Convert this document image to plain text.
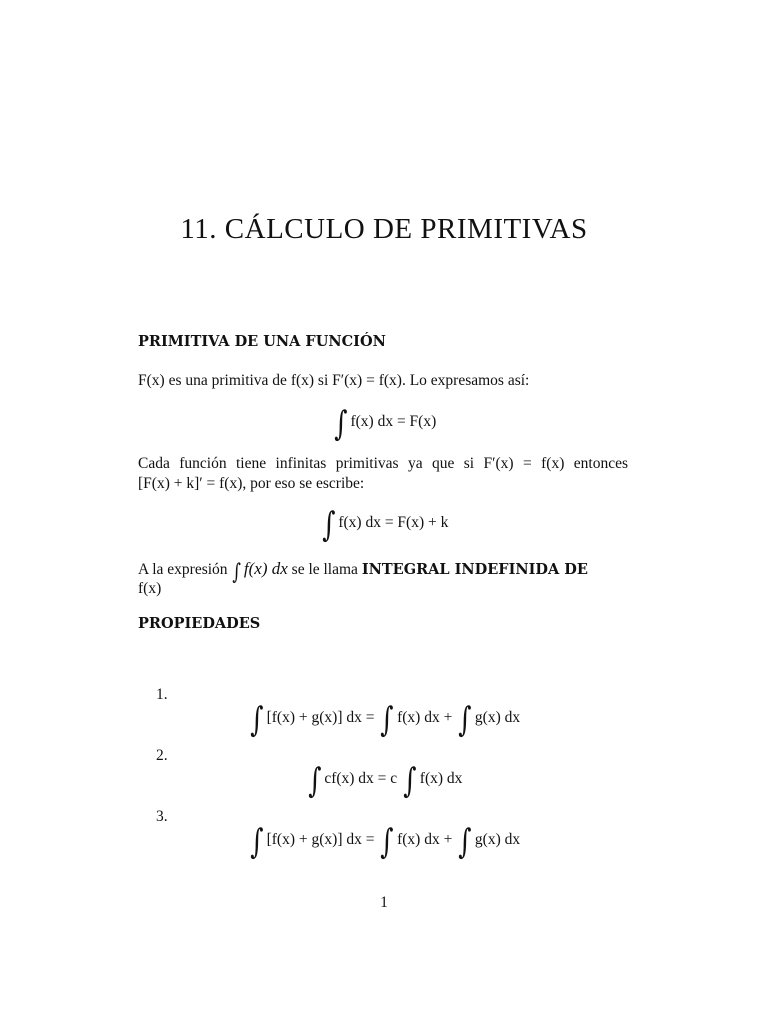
11. CÁLCULO DE PRIMITIVAS
PRIMITIVA DE UNA FUNCIÓN
F(x) es una primitiva de f(x) si F′(x) = f(x). Lo expresamos así:
∫ f(x) dx = F(x)
Cada función tiene infinitas primitivas ya que si F′(x) = f(x) entonces
[F(x) + k]′ = f(x), por eso se escribe:
∫ f(x) dx = F(x) + k
A la expresión ∫ f(x) dx se le llama INTEGRAL INDEFINIDA DE
f(x)
PROPIEDADES
1.
∫ [f(x) + g(x)] dx = ∫ f(x) dx + ∫ g(x) dx
2.
∫ cf(x) dx = c ∫ f(x) dx
3.
∫ [f(x) + g(x)] dx = ∫ f(x) dx + ∫ g(x) dx
1
